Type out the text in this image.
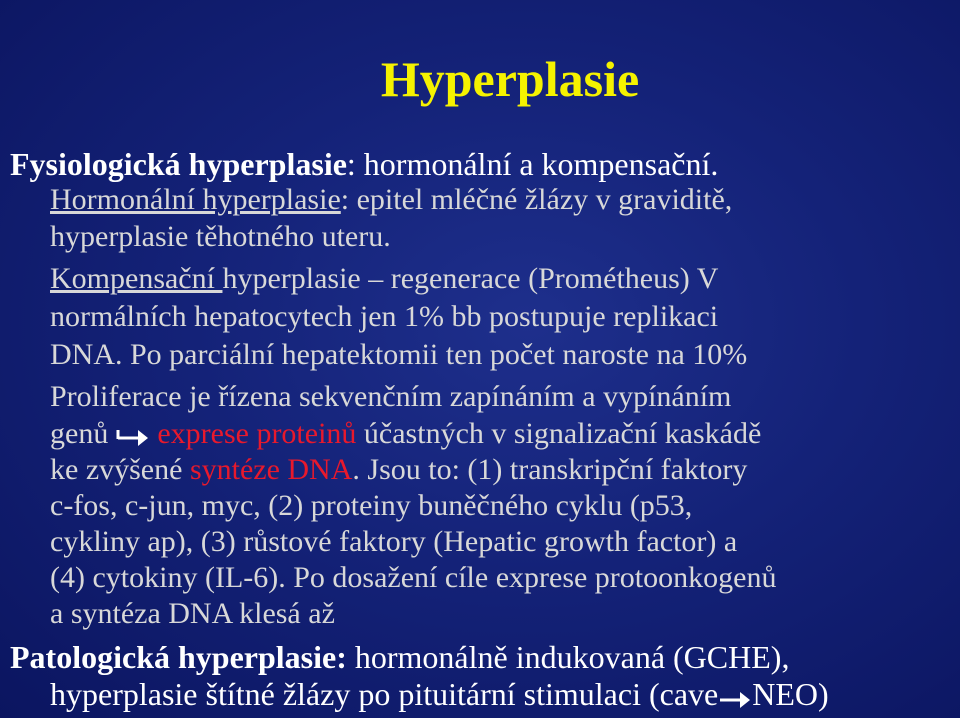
Hyperplasie
Fysiologická hyperplasie: hormonální a kompensační.
Hormonální hyperplasie: epitel mléčné žlázy v graviditě,
hyperplasie těhotného uteru.
Kompensační hyperplasie – regenerace (Prométheus) V
normálních hepatocytech jen 1% bb postupuje replikaci
DNA. Po parciální hepatektomii ten počet naroste na 10%
Proliferace je řízena sekvenčním zapínáním a vypínáním
genů  exprese proteinů účastných v signalizační kaskádě
ke zvýšené syntéze DNA. Jsou to: (1) transkripční faktory
c-fos, c-jun, myc, (2) proteiny buněčného cyklu (p53,
cykliny ap), (3) růstové faktory (Hepatic growth factor) a
(4) cytokiny (IL-6). Po dosažení cíle exprese protoonkogenů
a syntéza DNA klesá až
Patologická hyperplasie: hormonálně indukovaná (GCHE),
hyperplasie štítné žlázy po pituitární stimulaci (cave NEO)
